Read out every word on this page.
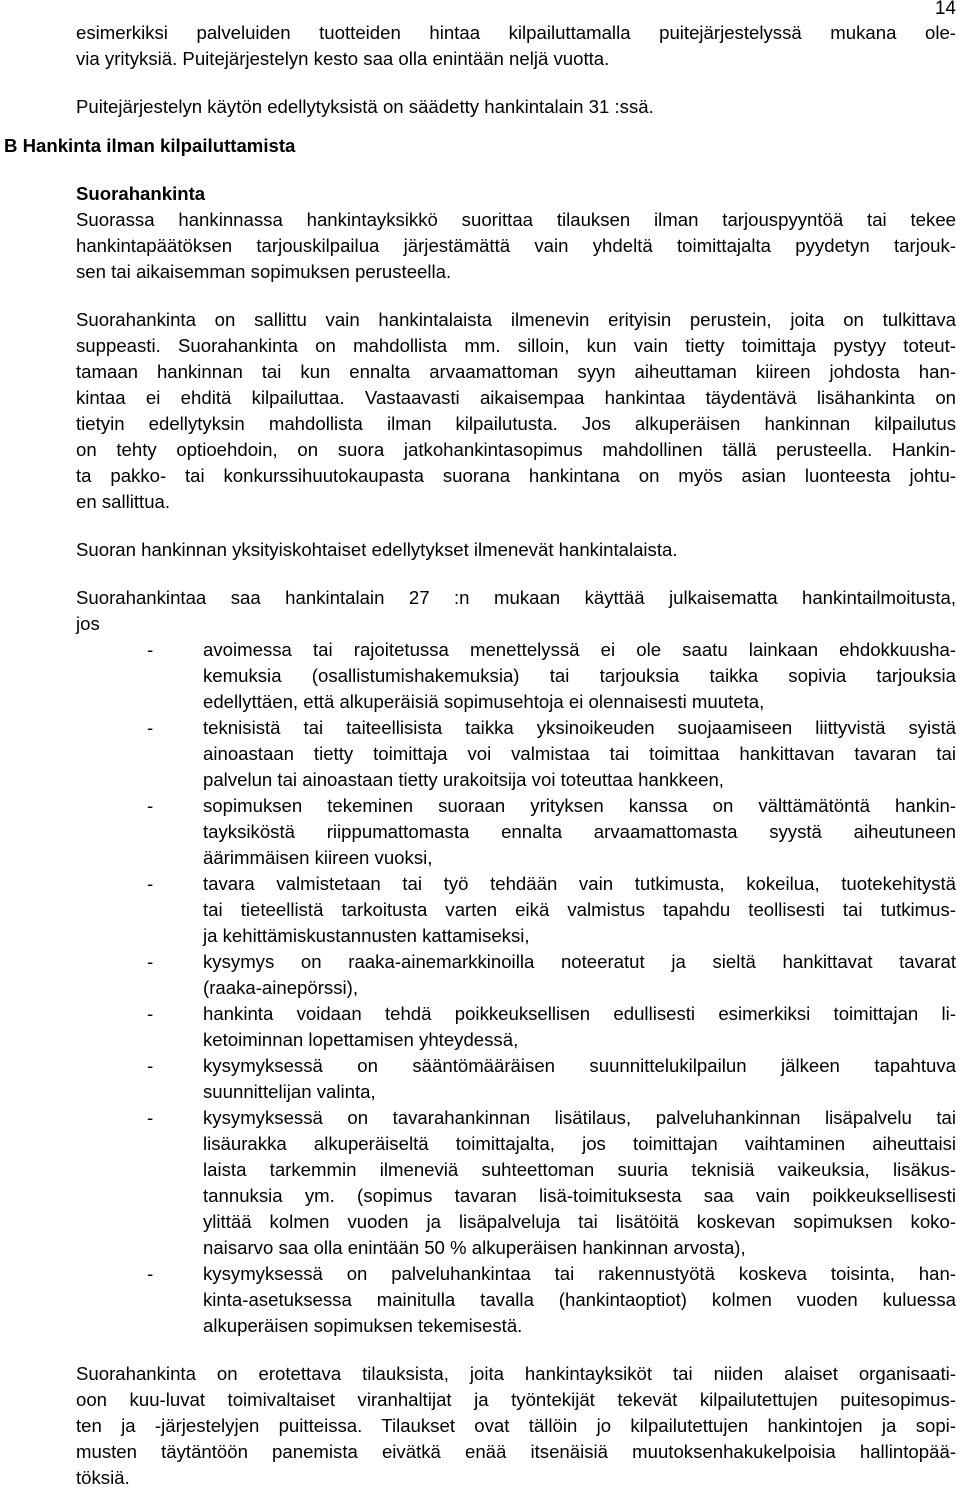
14

esimerkiksi palveluiden tuotteiden hintaa kilpailuttamalla puitejärjestelyssä mukana ole-
via yrityksiä. Puitejärjestelyn kesto saa olla enintään neljä vuotta.

Puitejärjestelyn käytön edellytyksistä on säädetty hankintalain 31 :ssä.

B Hankinta ilman kilpailuttamista
Suorahankinta

Suorassa hankinnassa hankintayksikkö suorittaa tilauksen ilman tarjouspyyntöä tai tekee
hankintapäätöksen tarjouskilpailua järjestämättä vain yhdeltä toimittajalta pyydetyn tarjouk-
sen tai aikaisemman sopimuksen perusteella.

Suorahankinta on sallittu vain hankintalaista ilmenevin erityisin perustein, joita on tulkittava
suppeasti. Suorahankinta on mahdollista mm. silloin, kun vain tietty toimittaja pystyy toteut-
tamaan hankinnan tai kun ennalta arvaamattoman syyn aiheuttaman kiireen johdosta han-
kintaa ei ehditä kilpailuttaa. Vastaavasti aikaisempaa hankintaa täydentävä lisähankinta on
tietyin edellytyksin mahdollista ilman kilpailutusta. Jos alkuperäisen hankinnan kilpailutus
on tehty optioehdoin, on suora jatkohankintasopimus mahdollinen tällä perusteella. Hankin-
ta pakko- tai konkurssihuutokaupasta suorana hankintana on myös asian luonteesta johtu-
en sallittua.

Suoran hankinnan yksityiskohtaiset edellytykset ilmenevät hankintalaista.

Suorahankintaa saa hankintalain 27 :n mukaan käyttää julkaisematta hankintailmoitusta,
jos

-	avoimessa tai rajoitetussa menettelyssä ei ole saatu lainkaan ehdokkuusha-
kemuksia (osallistumishakemuksia) tai tarjouksia taikka sopivia tarjouksia
edellyttäen, että alkuperäisiä sopimusehtoja ei olennaisesti muuteta,
-	teknisistä tai taiteellisista taikka yksinoikeuden suojaamiseen liittyvistä syistä
ainoastaan tietty toimittaja voi valmistaa tai toimittaa hankittavan tavaran tai
palvelun tai ainoastaan tietty urakoitsija voi toteuttaa hankkeen,
-	sopimuksen tekeminen suoraan yrityksen kanssa on välttämätöntä hankin-
tayksiköstä riippumattomasta ennalta arvaamattomasta syystä aiheutuneen
äärimmäisen kiireen vuoksi,
-	tavara valmistetaan tai työ tehdään vain tutkimusta, kokeilua, tuotekehitystä
tai tieteellistä tarkoitusta varten eikä valmistus tapahdu teollisesti tai tutkimus-
ja kehittämiskustannusten kattamiseksi,
-	kysymys on raaka-ainemarkkinoilla noteeratut ja sieltä hankittavat tavarat
(raaka-ainepörssi),
-	hankinta voidaan tehdä poikkeuksellisen edullisesti esimerkiksi toimittajan li-
ketoiminnan lopettamisen yhteydessä,
-	kysymyksessä on sääntömääräisen suunnittelukilpailun jälkeen tapahtuva
suunnittelijan valinta,
-	kysymyksessä on tavarahankinnan lisätilaus, palveluhankinnan lisäpalvelu tai
lisäurakka alkuperäiseltä toimittajalta, jos toimittajan vaihtaminen aiheuttaisi
laista tarkemmin ilmeneviä suhteettoman suuria teknisiä vaikeuksia, lisäkus-
tannuksia ym. (sopimus tavaran lisä-toimituksesta saa vain poikkeuksellisesti
ylittää kolmen vuoden ja lisäpalveluja tai lisätöitä koskevan sopimuksen koko-
naisarvo saa olla enintään 50 % alkuperäisen hankinnan arvosta),
-	kysymyksessä on palveluhankintaa tai rakennustyötä koskeva toisinta, han-
kinta-asetuksessa mainitulla tavalla (hankintaoptiot) kolmen vuoden kuluessa
alkuperäisen sopimuksen tekemisestä.

Suorahankinta on erotettava tilauksista, joita hankintayksiköt tai niiden alaiset organisaati-
oon kuu-luvat toimivaltaiset viranhaltijat ja työntekijät tekevät kilpailutettujen puitesopimus-
ten ja -järjestelyjen puitteissa. Tilaukset ovat tällöin jo kilpailutettujen hankintojen ja sopi-
musten täytäntöön panemista eivätkä enää itsenäisiä muutoksenhakukelpoisia hallintopää-
töksiä.
